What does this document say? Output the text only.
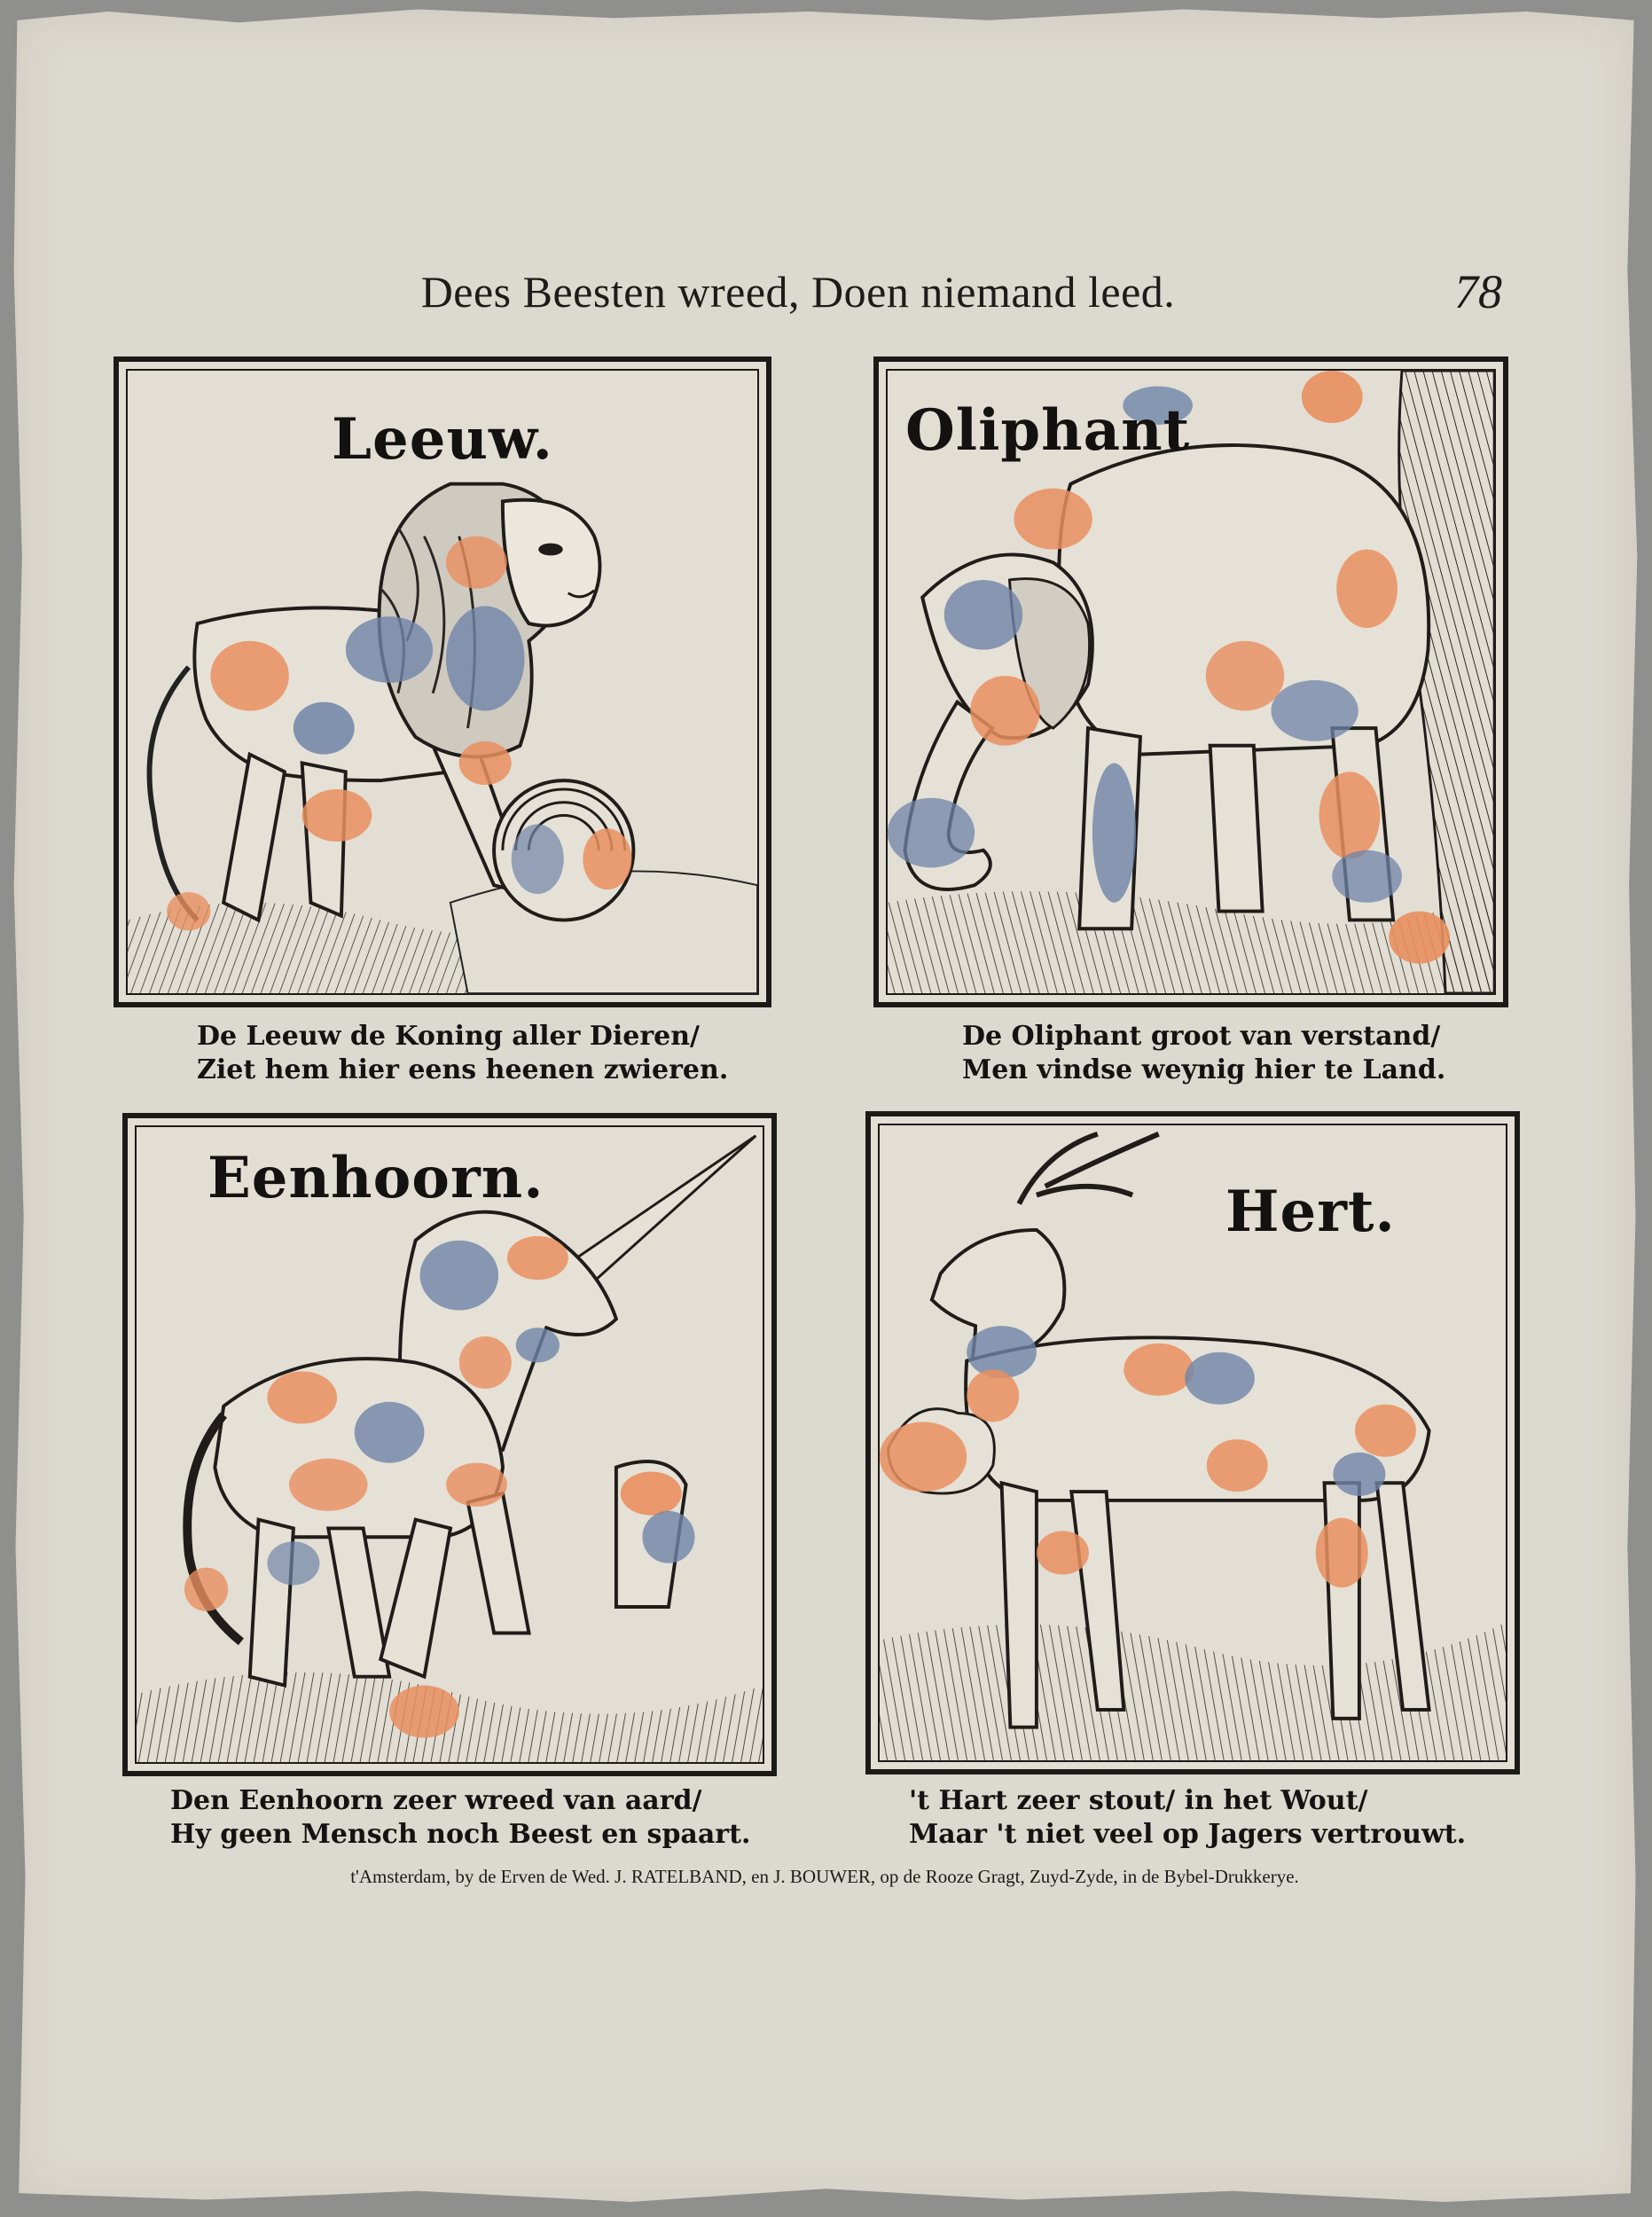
Dees Beesten wreed, Doen niemand leed.	78
Leeuw.
De Leeuw de Koning aller Dieren/
Ziet hem hier eens heenen zwieren.
Oliphant
De Oliphant groot van verstand/
Men vindse weynig hier te Land.
Eenhoorn.
Den Eenhoorn zeer wreed van aard/
Hy geen Mensch noch Beest en spaart.
Hert.
't Hart zeer stout/ in het Wout/
Maar 't niet veel op Jagers vertrouwt.
t'Amsterdam, by de Erven de Wed. J. RATELBAND, en J. BOUWER, op de Rooze Gragt, Zuyd-Zyde, in de Bybel-Drukkerye.
